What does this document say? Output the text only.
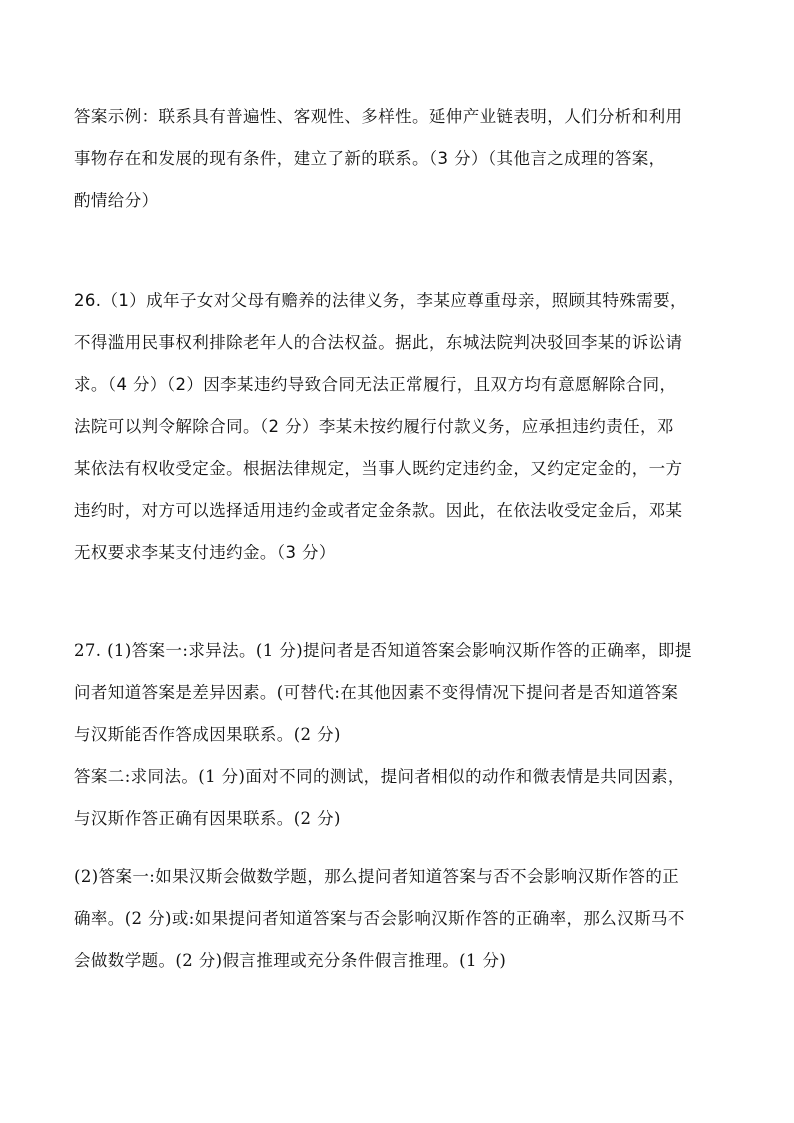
答案示例：联系具有普遍性、客观性、多样性。延伸产业链表明，人们分析和利用
事物存在和发展的现有条件，建立了新的联系。（3 分）（其他言之成理的答案，
酌情给分）
26.（1）成年子女对父母有赡养的法律义务，李某应尊重母亲，照顾其特殊需要，
不得滥用民事权利排除老年人的合法权益。据此，东城法院判决驳回李某的诉讼请
求。（4 分）（2）因李某违约导致合同无法正常履行，且双方均有意愿解除合同，
法院可以判令解除合同。（2 分）李某未按约履行付款义务，应承担违约责任，邓
某依法有权收受定金。根据法律规定，当事人既约定违约金，又约定定金的，一方
违约时，对方可以选择适用违约金或者定金条款。因此，在依法收受定金后，邓某
无权要求李某支付违约金。（3 分）
27. (1)答案一:求异法。(1 分)提问者是否知道答案会影响汉斯作答的正确率，即提
问者知道答案是差异因素。(可替代:在其他因素不变得情况下提问者是否知道答案
与汉斯能否作答成因果联系。(2 分)
答案二:求同法。(1 分)面对不同的测试，提问者相似的动作和微表情是共同因素，
与汉斯作答正确有因果联系。(2 分)
(2)答案一:如果汉斯会做数学题，那么提问者知道答案与否不会影响汉斯作答的正
确率。(2 分)或:如果提问者知道答案与否会影响汉斯作答的正确率，那么汉斯马不
会做数学题。(2 分)假言推理或充分条件假言推理。(1 分)
